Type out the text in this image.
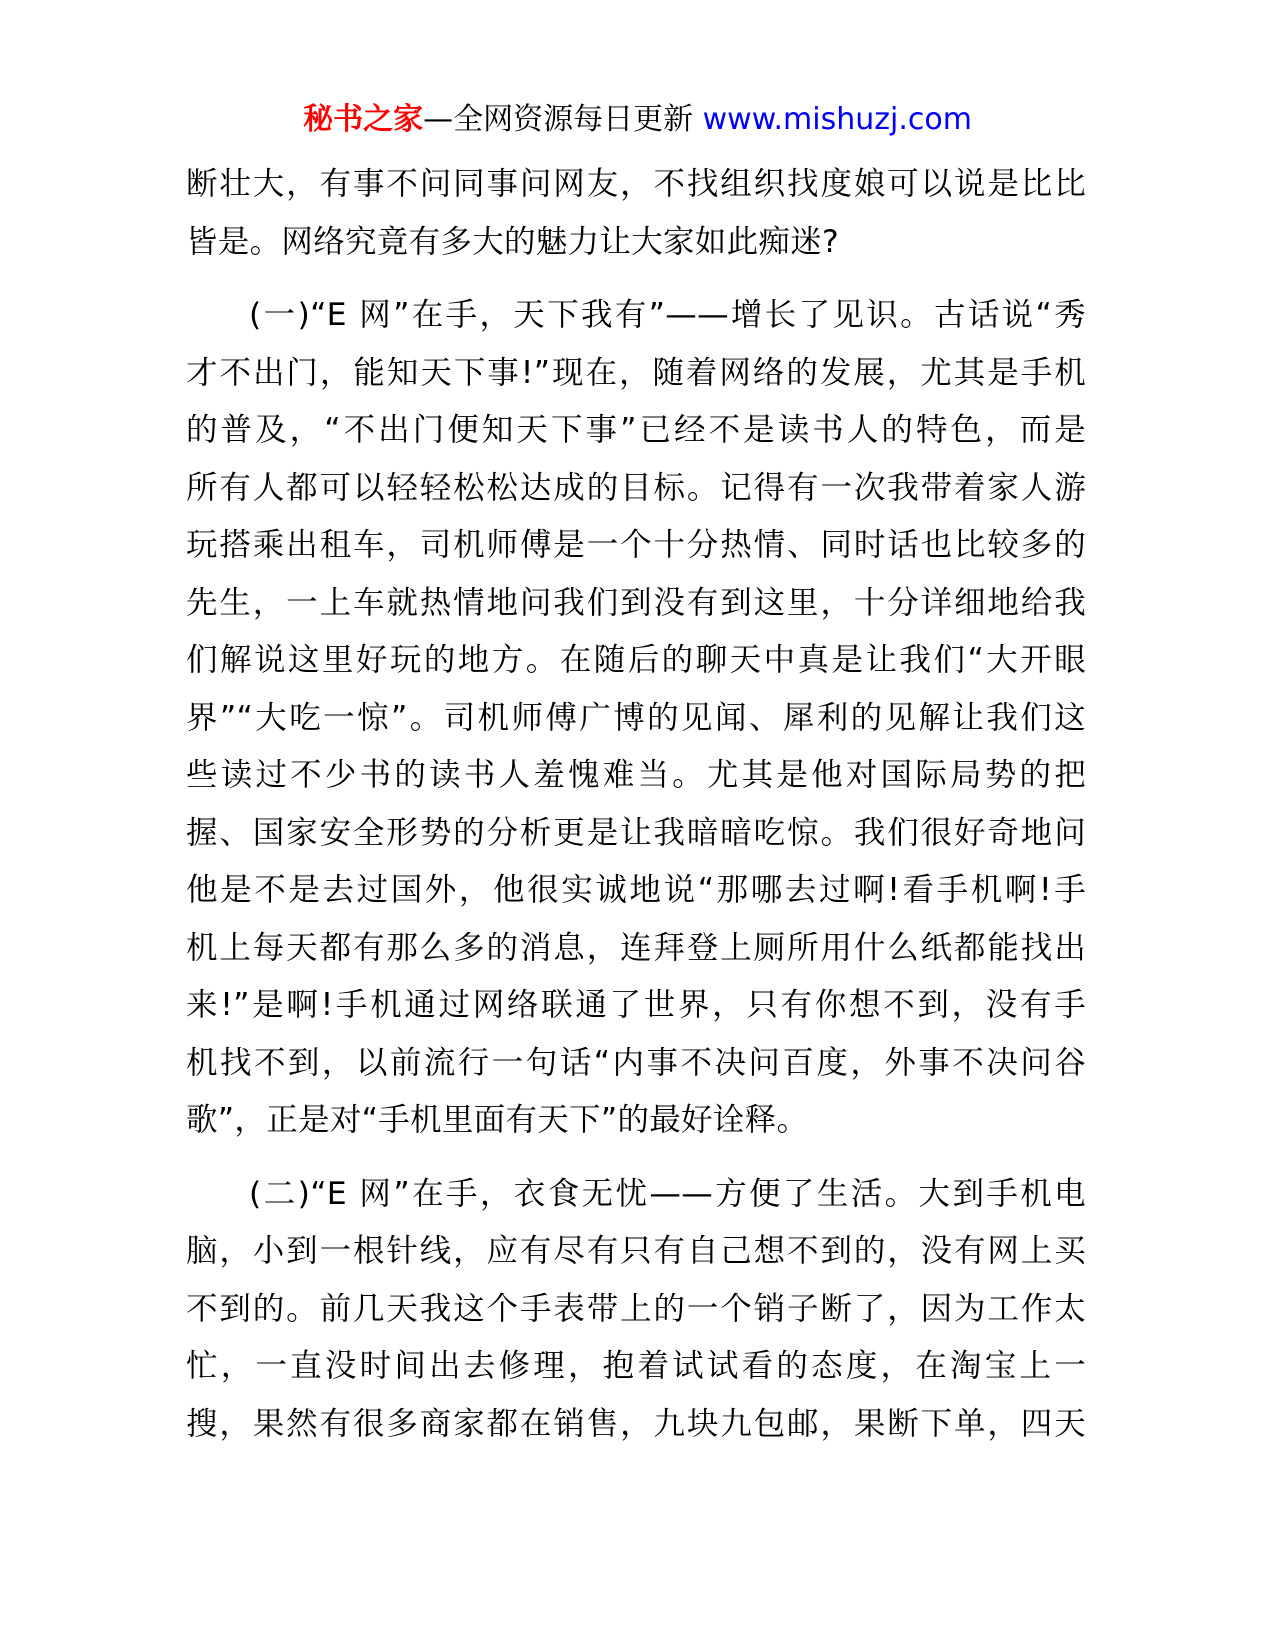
秘书之家—全网资源每日更新 www.mishuzj.com
断壮大，有事不问同事问网友，不找组织找度娘可以说是比比
皆是。网络究竟有多大的魅力让大家如此痴迷?
(一)“E 网”在手，天下我有”——增长了见识。古话说“秀
才不出门，能知天下事!”现在，随着网络的发展，尤其是手机
的普及，“不出门便知天下事”已经不是读书人的特色，而是
所有人都可以轻轻松松达成的目标。记得有一次我带着家人游
玩搭乘出租车，司机师傅是一个十分热情、同时话也比较多的
先生，一上车就热情地问我们到没有到这里，十分详细地给我
们解说这里好玩的地方。在随后的聊天中真是让我们“大开眼
界”“大吃一惊”。司机师傅广博的见闻、犀利的见解让我们这
些读过不少书的读书人羞愧难当。尤其是他对国际局势的把
握、国家安全形势的分析更是让我暗暗吃惊。我们很好奇地问
他是不是去过国外，他很实诚地说“那哪去过啊!看手机啊!手
机上每天都有那么多的消息，连拜登上厕所用什么纸都能找出
来!”是啊!手机通过网络联通了世界，只有你想不到，没有手
机找不到，以前流行一句话“内事不决问百度，外事不决问谷
歌”，正是对“手机里面有天下”的最好诠释。
(二)“E 网”在手，衣食无忧——方便了生活。大到手机电
脑，小到一根针线，应有尽有只有自己想不到的，没有网上买
不到的。前几天我这个手表带上的一个销子断了，因为工作太
忙，一直没时间出去修理，抱着试试看的态度，在淘宝上一
搜，果然有很多商家都在销售，九块九包邮，果断下单，四天
